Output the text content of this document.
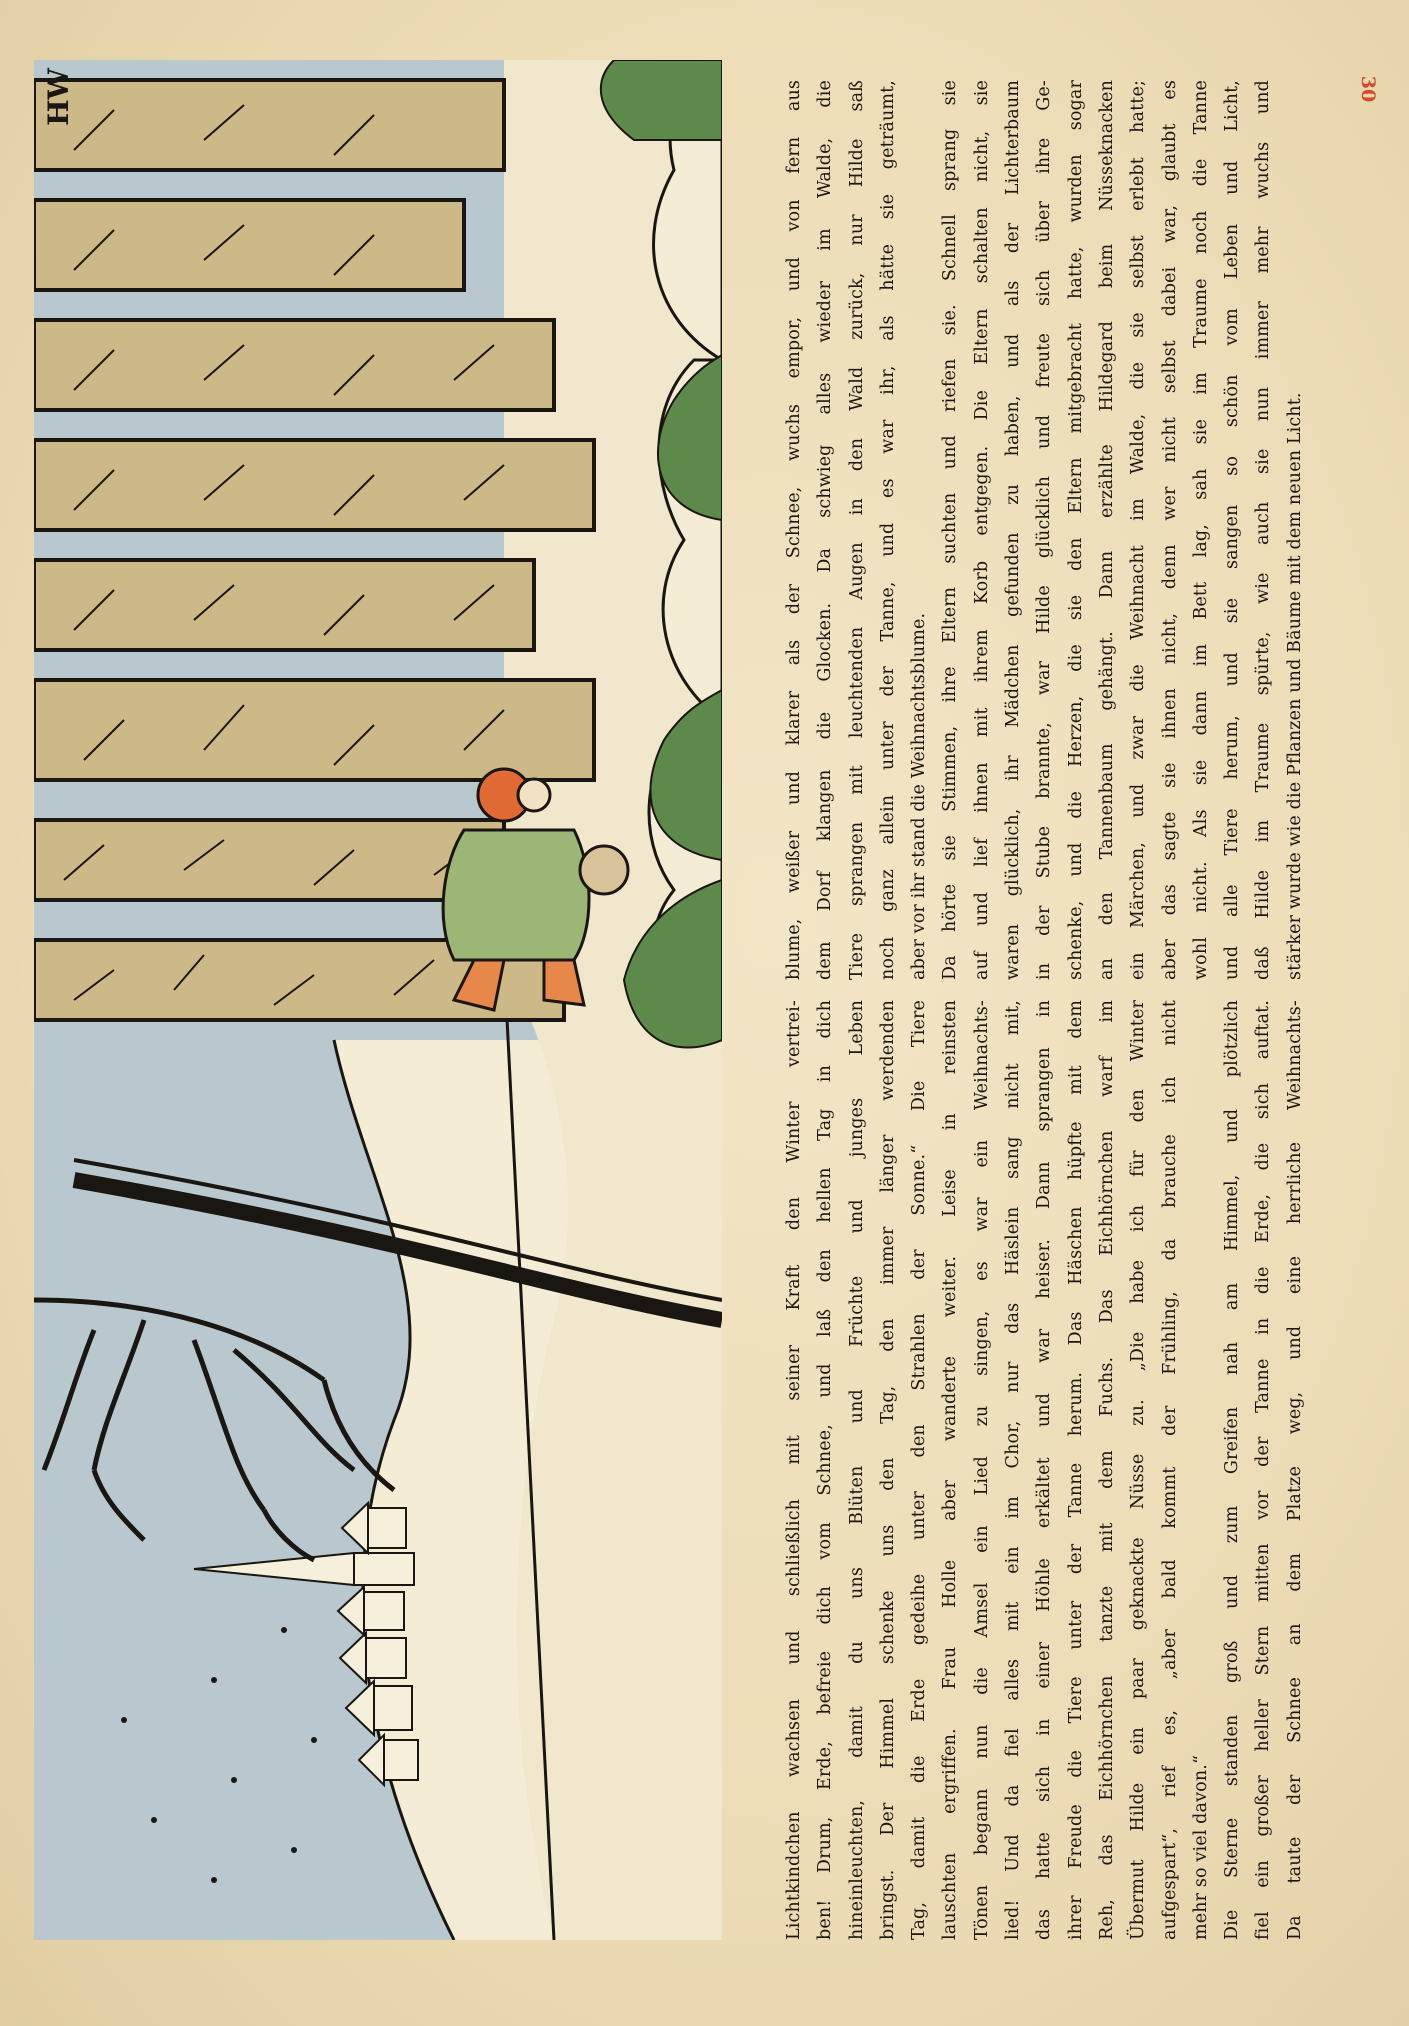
30
HW
Lichtkindchen wachsen und schließlich mit seiner Kraft den Winter vertrei- ben! Drum, Erde, befreie dich vom Schnee, und laß den hellen Tag in dich hineinleuchten, damit du uns Blüten und Früchte und junges Leben bringst. Der Himmel schenke uns den Tag, den immer länger werdenden Tag, damit die Erde gedeihe unter den Strahlen der Sonne.“ Die Tiere lauschten ergriffen. Frau Holle aber wanderte weiter. Leise in reinsten Tönen begann nun die Amsel ein Lied zu singen, es war ein Weihnachts- lied! Und da fiel alles mit ein im Chor, nur das Häslein sang nicht mit, das hatte sich in einer Höhle erkältet und war heiser. Dann sprangen in ihrer Freude die Tiere unter der Tanne herum. Das Häschen hüpfte mit dem Reh, das Eichhörnchen tanzte mit dem Fuchs. Das Eichhörnchen warf im Übermut Hilde ein paar geknackte Nüsse zu. „Die habe ich für den Winter aufgespart“, rief es, „aber bald kommt der Frühling, da brauche ich nicht mehr so viel davon.“ Die Sterne standen groß und zum Greifen nah am Himmel, und plötzlich fiel ein großer heller Stern mitten vor der Tanne in die Erde, die sich auftat. Da taute der Schnee an dem Platze weg, und eine herrliche Weihnachts-
blume, weißer und klarer als der Schnee, wuchs empor, und von fern aus dem Dorf klangen die Glocken. Da schwieg alles wieder im Walde, die Tiere sprangen mit leuchtenden Augen in den Wald zurück, nur Hilde saß noch ganz allein unter der Tanne, und es war ihr, als hätte sie geträumt, aber vor ihr stand die Weihnachtsblume. Da hörte sie Stimmen, ihre Eltern suchten und riefen sie. Schnell sprang sie auf und lief ihnen mit ihrem Korb entgegen. Die Eltern schalten nicht, sie waren glücklich, ihr Mädchen gefunden zu haben, und als der Lichterbaum in der Stube brannte, war Hilde glücklich und freute sich über ihre Ge- schenke, und die Herzen, die sie den Eltern mitgebracht hatte, wurden sogar an den Tannenbaum gehängt. Dann erzählte Hildegard beim Nüsseknacken ein Märchen, und zwar die Weihnacht im Walde, die sie selbst erlebt hatte; aber das sagte sie ihnen nicht, denn wer nicht selbst dabei war, glaubt es wohl nicht. Als sie dann im Bett lag, sah sie im Traume noch die Tanne und alle Tiere herum, und sie sangen so schön vom Leben und Licht, daß Hilde im Traume spürte, wie auch sie nun immer mehr wuchs und stärker wurde wie die Pflanzen und Bäume mit dem neuen Licht.
